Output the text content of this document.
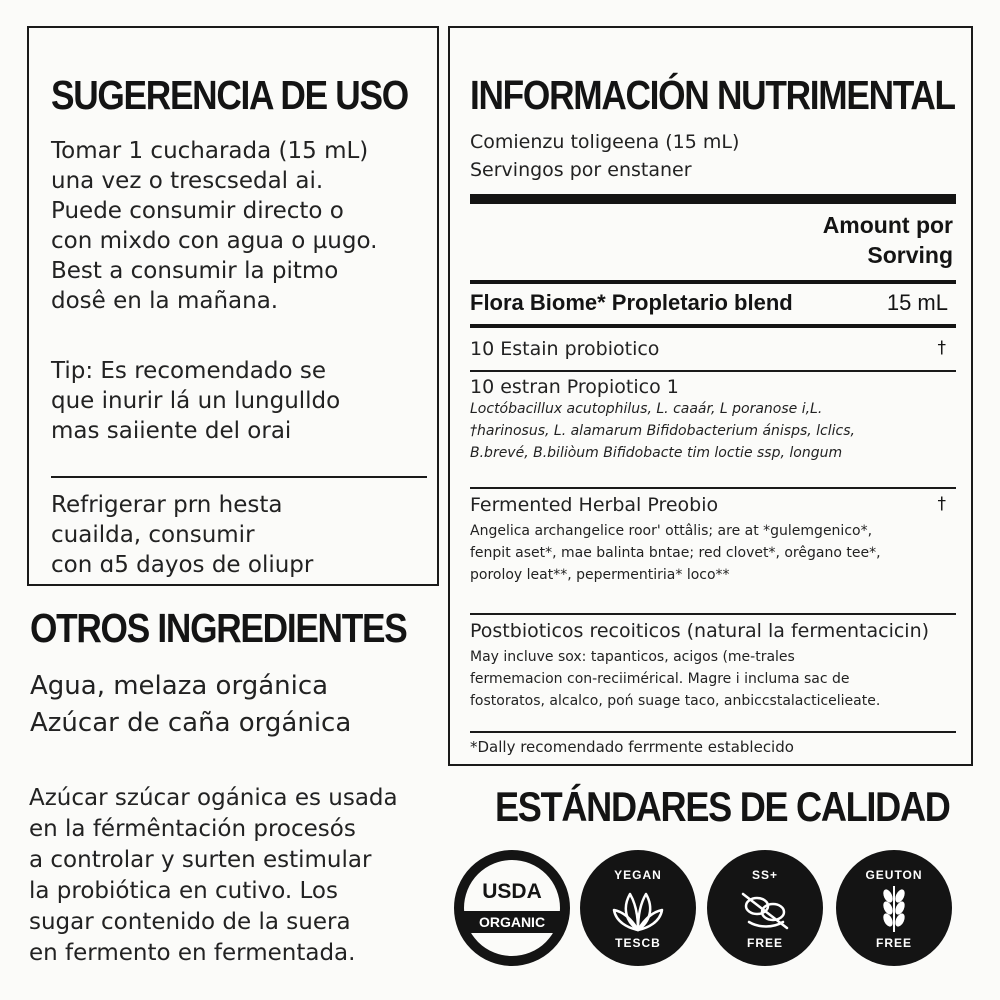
SUGERENCIA DE USO
Tomar 1 cucharada (15 mL)
una vez o trescsedal ai.
Puede consumir directo o
con mixdo con agua o µugo.
Best a consumir la pitmo
dosê en la mañana.
Tip: Es recomendado se
que inurir lá un lungulldo
mas saiiente del orai
Refrigerar prn hesta
cuailda, consumir
con ɑ5 dayos de oliupr
OTROS INGREDIENTES
Agua, melaza orgánica
Azúcar de caña orgánica
Azúcar szúcar ogánica es usada
en la férmêntación procesós
a controlar y surten estimular
la probiótica en cutivo. Los
sugar contenido de la suera
en fermento en fermentada.
INFORMACIÓN NUTRIMENTAL
Comienzu toligeena (15 mL)
Servingos por enstaner
Amount por
Sorving
Flora Biome* Propletario blend	15 mL
10 Estain probiotico	†
10 estran Propiotico 1
Loctóbacillux acutophilus, L. caaár, L poranose i,L.
†harinosus, L. alamarum Bifidobacterium ánisps, lclics,
B.brevé, B.biliòum Bifidobacte tim loctie ssp, longum
Fermented Herbal Preobio	†
Angelica archangelice roor' ottâlis; are at *gulemgenico*,
fenpit aset*, mae balinta bntae; red clovet*, orêgano tee*,
poroloy leat**, pepermentiria* loco**
Postbioticos recoiticos (natural la fermentacicin)
May incluve sox: tapanticos, acigos (me-trales
fermemacion con-reciimérical. Magre i incluma sac de
fostoratos, alcalco, poń suage taco, anbiccstalacticelieate.
*Dally recomendado ferrmente establecido
ESTÁNDARES DE CALIDAD
USDA
ORGANIC
YEGAN
TESCB
SS+
FREE
GEUTON
FREE
